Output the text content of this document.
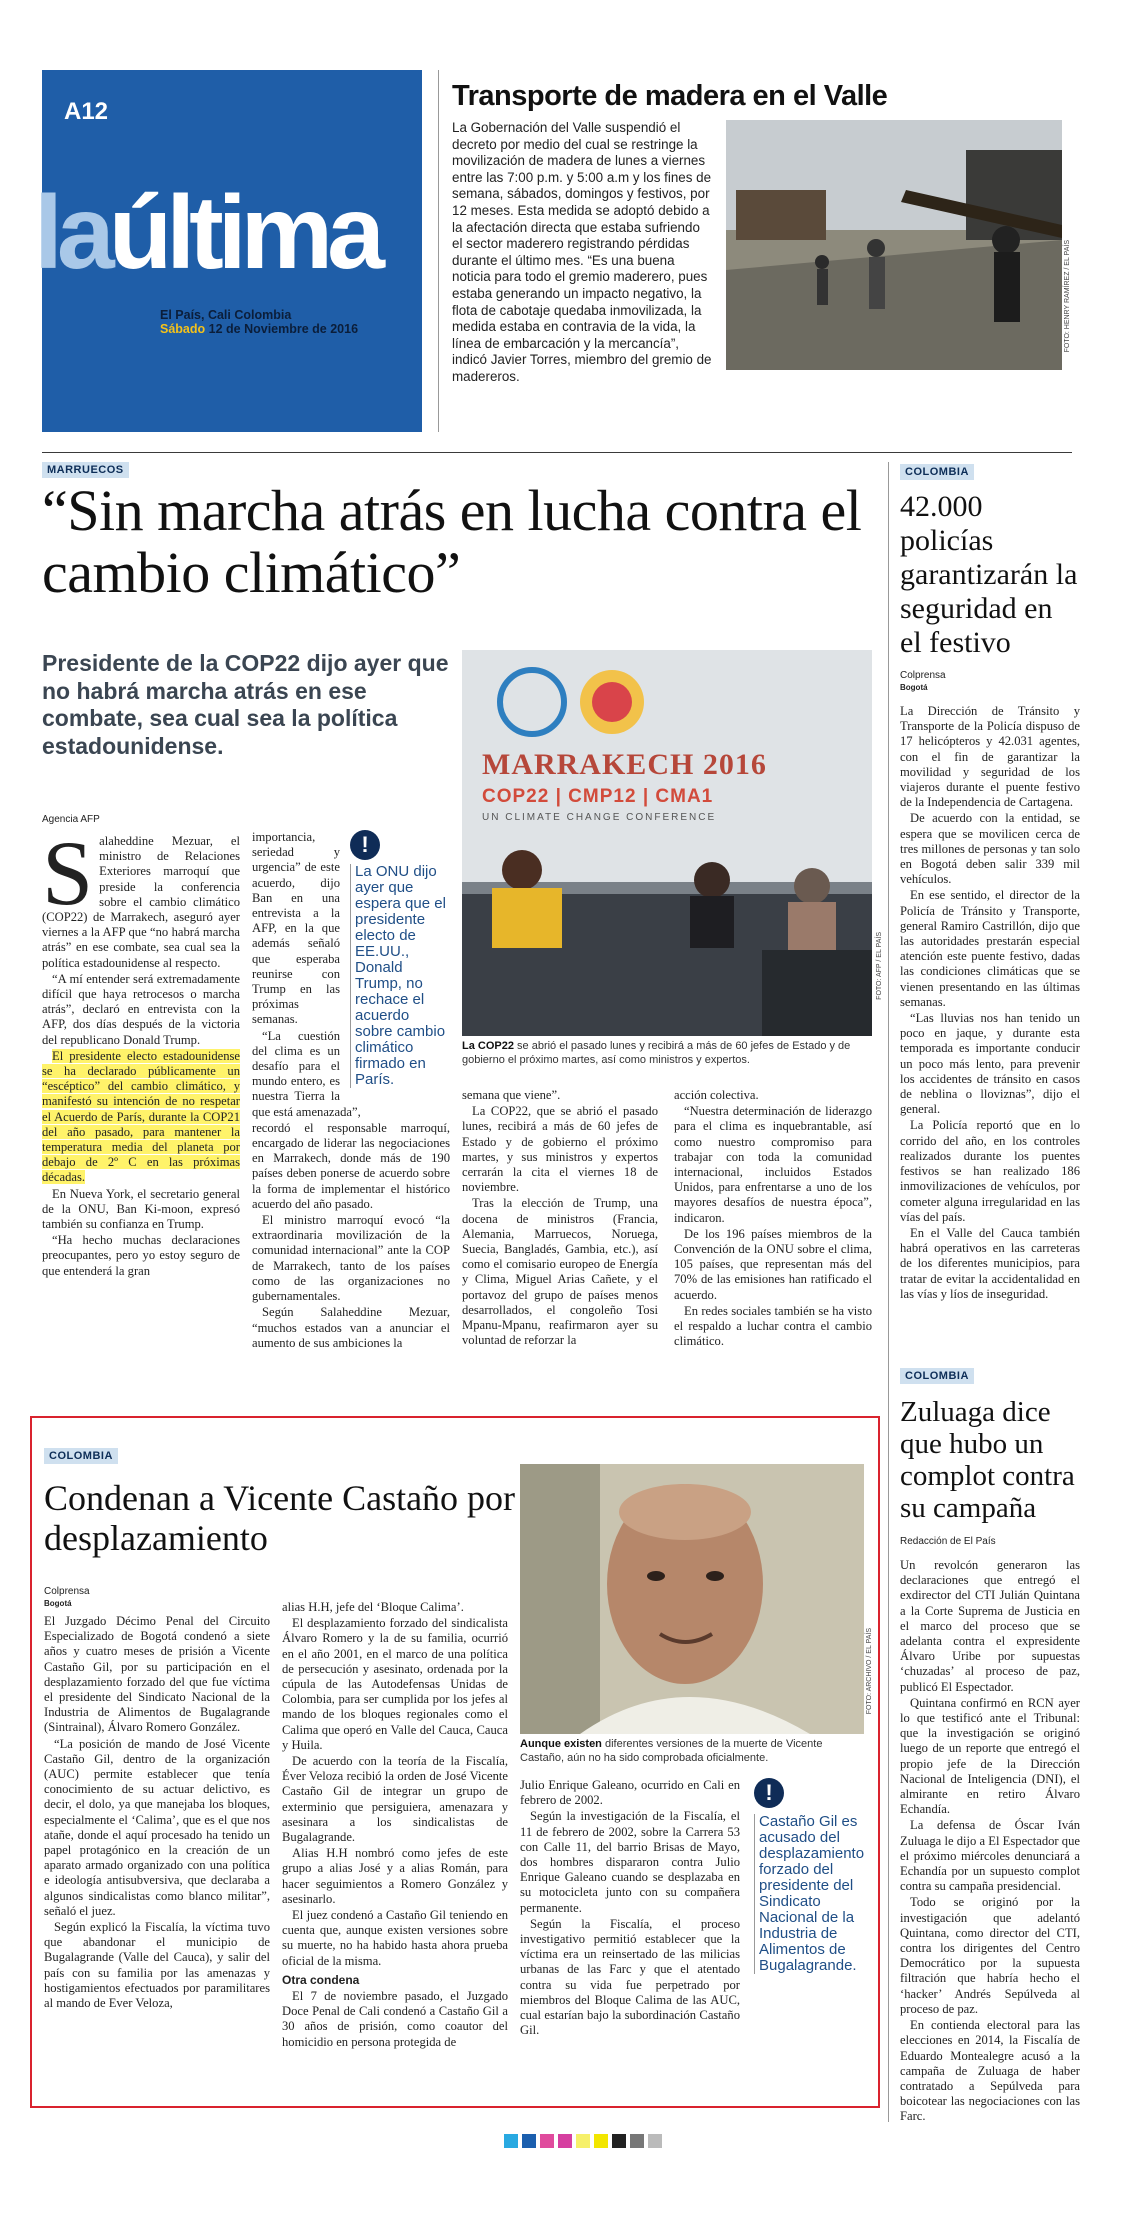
A12
laúltima
El País, Cali Colombia
Sábado 12 de Noviembre de 2016
Transporte de madera en el Valle
La Gobernación del Valle suspendió el decreto por medio del cual se restringe la movilización de madera de lunes a viernes entre las 7:00 p.m. y 5:00 a.m y los fines de semana, sábados, domingos y festivos, por 12 meses. Esta medida se adoptó debido a la afectación directa que estaba sufriendo el sector maderero registrando pérdidas durante el último mes. “Es una buena noticia para todo el gremio maderero, pues estaba generando un impacto negativo, la flota de cabotaje quedaba inmovilizada, la medida estaba en contravia de la vida, la línea de embarcación y la mercancía”, indicó Javier Torres, miembro del gremio de madereros.
FOTO: HENRY RAMÍREZ / EL PAÍS
MARRUECOS
“Sin marcha atrás en lucha contra el cambio climático”
Presidente de la COP22 dijo ayer que no habrá marcha atrás en ese combate, sea cual sea la política estadounidense.
Agencia AFP
MARRAKECH 2016
COP22 | CMP12 | CMA1
UN CLIMATE CHANGE CONFERENCE
FOTO: AFP / EL PAÍS
La COP22 se abrió el pasado lunes y recibirá a más de 60 jefes de Estado y de gobierno el próximo martes, así como ministros y expertos.
S alaheddine Mezuar, el ministro de Relaciones Exteriores marroquí que preside la conferencia sobre el cambio climático (COP22) de Marrakech, aseguró ayer viernes a la AFP que “no habrá marcha atrás” en ese combate, sea cual sea la política estadounidense al respecto.

“A mí entender será extremadamente difícil que haya retrocesos o marcha atrás”, declaró en entrevista con la AFP, dos días después de la victoria del republicano Donald Trump.

El presidente electo estadounidense se ha declarado públicamente un “escéptico” del cambio climático, y manifestó su intención de no respetar el Acuerdo de París, durante la COP21 del año pasado, para mantener la temperatura media del planeta por debajo de 2º C en las próximas décadas.

En Nueva York, el secretario general de la ONU, Ban Ki-moon, expresó también su confianza en Trump.

“Ha hecho muchas declaraciones preocupantes, pero yo estoy seguro de que entenderá la gran

!
La ONU dijo ayer que espera que el presidente electo de EE.UU., Donald Trump, no rechace el acuerdo sobre cambio climático firmado en París.

importancia, seriedad y urgencia” de este acuerdo, dijo Ban en una entrevista a la AFP, en la que además señaló que esperaba reunirse con Trump en las próximas semanas.

“La cuestión del clima es un desafío para el mundo entero, es nuestra Tierra la que está amenazada”,

recordó el responsable marroquí, encargado de liderar las negociaciones en Marrakech, donde más de 190 países deben ponerse de acuerdo sobre la forma de implementar el histórico acuerdo del año pasado.

El ministro marroquí evocó “la extraordinaria movilización de la comunidad internacional” ante la COP de Marrakech, tanto de los países como de las organizaciones no gubernamentales.

Según Salaheddine Mezuar, “muchos estados van a anunciar el aumento de sus ambiciones la

semana que viene”.

La COP22, que se abrió el pasado lunes, recibirá a más de 60 jefes de Estado y de gobierno el próximo martes, y sus ministros y expertos cerrarán la cita el viernes 18 de noviembre.

Tras la elección de Trump, una docena de ministros (Francia, Alemania, Marruecos, Noruega, Suecia, Bangladés, Gambia, etc.), así como el comisario europeo de Energía y Clima, Miguel Arias Cañete, y el portavoz del grupo de países menos desarrollados, el congoleño Tosi Mpanu-Mpanu, reafirmaron ayer su voluntad de reforzar la

acción colectiva.

“Nuestra determinación de liderazgo para el clima es inquebrantable, así como nuestro compromiso para trabajar con toda la comunidad internacional, incluidos Estados Unidos, para enfrentarse a uno de los mayores desafíos de nuestra época”, indicaron.

De los 196 países miembros de la Convención de la ONU sobre el clima, 105 países, que representan más del 70% de las emisiones han ratificado el acuerdo.

En redes sociales también se ha visto el respaldo a luchar contra el cambio climático.

COLOMBIA
42.000 policías garantizarán la seguridad en el festivo
Colprensa
Bogotá

La Dirección de Tránsito y Transporte de la Policía dispuso de 17 helicópteros y 42.031 agentes, con el fin de garantizar la movilidad y seguridad de los viajeros durante el puente festivo de la Independencia de Cartagena.

De acuerdo con la entidad, se espera que se movilicen cerca de tres millones de personas y tan solo en Bogotá deben salir 339 mil vehículos.

En ese sentido, el director de la Policía de Tránsito y Transporte, general Ramiro Castrillón, dijo que las autoridades prestarán especial atención este puente festivo, dadas las condiciones climáticas que se vienen presentando en las últimas semanas.

“Las lluvias nos han tenido un poco en jaque, y durante esta temporada es importante conducir un poco más lento, para prevenir los accidentes de tránsito en casos de neblina o lloviznas”, dijo el general.

La Policía reportó que en lo corrido del año, en los controles realizados durante los puentes festivos se han realizado 186 inmovilizaciones de vehículos, por cometer alguna irregularidad en las vías del país.

En el Valle del Cauca también habrá operativos en las carreteras de los diferentes municipios, para tratar de evitar la accidentalidad en las vías y líos de inseguridad.

COLOMBIA
Zuluaga dice que hubo un complot contra su campaña
Redacción de El País

Un revolcón generaron las declaraciones que entregó el exdirector del CTI Julián Quintana a la Corte Suprema de Justicia en el marco del proceso que se adelanta contra el expresidente Álvaro Uribe por supuestas ‘chuzadas’ al proceso de paz, publicó El Espectador.

Quintana confirmó en RCN ayer lo que testificó ante el Tribunal: que la investigación se originó luego de un reporte que entregó el propio jefe de la Dirección Nacional de Inteligencia (DNI), el almirante en retiro Álvaro Echandía.

La defensa de Óscar Iván Zuluaga le dijo a El Espectador que el próximo miércoles denunciará a Echandía por un supuesto complot contra su campaña presidencial.

Todo se originó por la investigación que adelantó Quintana, como director del CTI, contra los dirigentes del Centro Democrático por la supuesta filtración que habría hecho el ‘hacker’ Andrés Sepúlveda al proceso de paz.

En contienda electoral para las elecciones en 2014, la Fiscalía de Eduardo Montealegre acusó a la campaña de Zuluaga de haber contratado a Sepúlveda para boicotear las negociaciones con las Farc.

COLOMBIA
Condenan a Vicente Castaño por desplazamiento
Colprensa
Bogotá
FOTO: ARCHIVO / EL PAÍS
Aunque existen diferentes versiones de la muerte de Vicente Castaño, aún no ha sido comprobada oficialmente.

El Juzgado Décimo Penal del Circuito Especializado de Bogotá condenó a siete años y cuatro meses de prisión a Vicente Castaño Gil, por su participación en el desplazamiento forzado del que fue víctima el presidente del Sindicato Nacional de la Industria de Alimentos de Bugalagrande (Sintrainal), Álvaro Romero González.

“La posición de mando de José Vicente Castaño Gil, dentro de la organización (AUC) permite establecer que tenía conocimiento de su actuar delictivo, es decir, el dolo, ya que manejaba los bloques, especialmente el ‘Calima’, que es el que nos atañe, donde el aquí procesado ha tenido un papel protagónico en la creación de un aparato armado organizado con una política e ideología antisubversiva, que declaraba a algunos sindicalistas como blanco militar”, señaló el juez.

Según explicó la Fiscalía, la víctima tuvo que abandonar el municipio de Bugalagrande (Valle del Cauca), y salir del país con su familia por las amenazas y hostigamientos efectuados por paramilitares al mando de Ever Veloza,

alias H.H, jefe del ‘Bloque Calima’.

El desplazamiento forzado del sindicalista Álvaro Romero y la de su familia, ocurrió en el año 2001, en el marco de una política de persecución y asesinato, ordenada por la cúpula de las Autodefensas Unidas de Colombia, para ser cumplida por los jefes al mando de los bloques regionales como el Calima que operó en Valle del Cauca, Cauca y Huila.

De acuerdo con la teoría de la Fiscalía, Éver Veloza recibió la orden de José Vicente Castaño Gil de integrar un grupo de exterminio que persiguiera, amenazara y asesinara a los sindicalistas de Bugalagrande.

Alias H.H nombró como jefes de este grupo a alias José y a alias Román, para hacer seguimientos a Romero González y asesinarlo.

El juez condenó a Castaño Gil teniendo en cuenta que, aunque existen versiones sobre su muerte, no ha habido hasta ahora prueba oficial de la misma.

Otra condena

El 7 de noviembre pasado, el Juzgado Doce Penal de Cali condenó a Castaño Gil a 30 años de prisión, como coautor del homicidio en persona protegida de

Julio Enrique Galeano, ocurrido en Cali en febrero de 2002.

Según la investigación de la Fiscalía, el 11 de febrero de 2002, sobre la Carrera 53 con Calle 11, del barrio Brisas de Mayo, dos hombres dispararon contra Julio Enrique Galeano cuando se desplazaba en su motocicleta junto con su compañera permanente.

Según la Fiscalía, el proceso investigativo permitió establecer que la víctima era un reinsertado de las milicias urbanas de las Farc y que el atentado contra su vida fue perpetrado por miembros del Bloque Calima de las AUC, cual estarían bajo la subordinación Castaño Gil.

!
Castaño Gil es acusado del desplazamiento forzado del presidente del Sindicato Nacional de la Industria de Alimentos de Bugalagrande.
